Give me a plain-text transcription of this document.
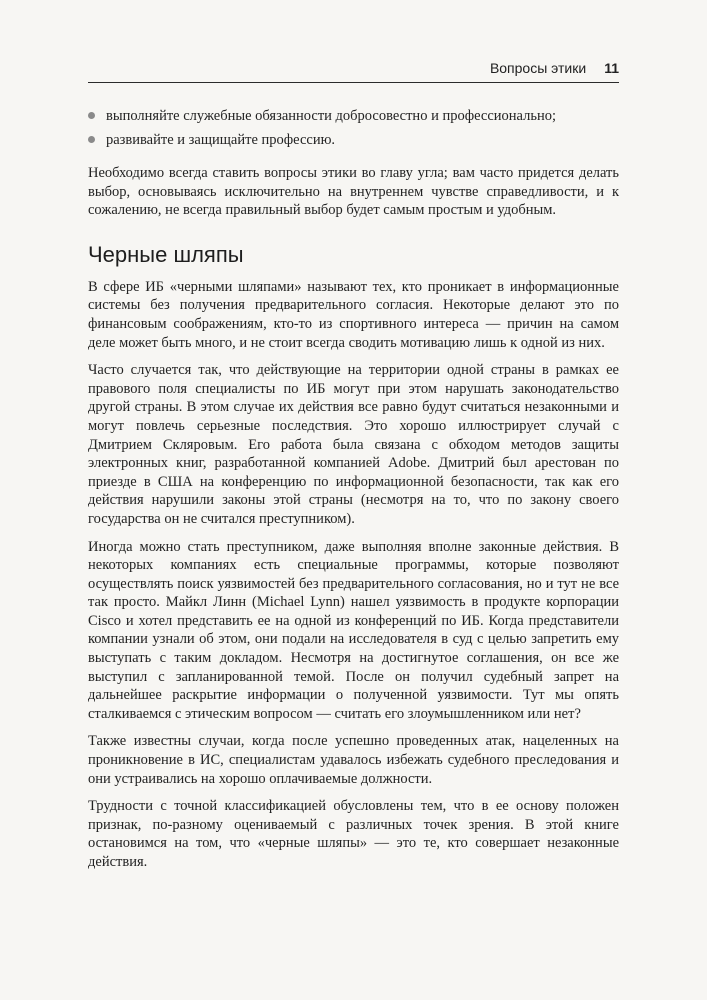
Вопросы этики 11
выполняйте служебные обязанности добросовестно и профессионально;
развивайте и защищайте профессию.

Необходимо всегда ставить вопросы этики во главу угла; вам часто придется делать выбор, основываясь исключительно на внутреннем чувстве справедливости, и к сожалению, не всегда правильный выбор будет самым простым и удобным.

Черные шляпы

В сфере ИБ «черными шляпами» называют тех, кто проникает в информационные системы без получения предварительного согласия. Некоторые делают это по финансовым соображениям, кто-то из спортивного интереса — причин на самом деле может быть много, и не стоит всегда сводить мотивацию лишь к одной из них.

Часто случается так, что действующие на территории одной страны в рамках ее правового поля специалисты по ИБ могут при этом нарушать законодательство другой страны. В этом случае их действия все равно будут считаться незаконными и могут повлечь серьезные последствия. Это хорошо иллюстрирует случай с Дмитрием Скляровым. Его работа была связана с обходом методов защиты электронных книг, разработанной компанией Adobe. Дмитрий был арестован по приезде в США на конференцию по информационной безопасности, так как его действия нарушили законы этой страны (несмотря на то, что по закону своего государства он не считался преступником).

Иногда можно стать преступником, даже выполняя вполне законные действия. В некоторых компаниях есть специальные программы, которые позволяют осуществлять поиск уязвимостей без предварительного согласования, но и тут не все так просто. Майкл Линн (Michael Lynn) нашел уязвимость в продукте корпорации Cisco и хотел представить ее на одной из конференций по ИБ. Когда представители компании узнали об этом, они подали на исследователя в суд с целью запретить ему выступать с таким докладом. Несмотря на достигнутое соглашения, он все же выступил с запланированной темой. После он получил судебный запрет на дальнейшее раскрытие информации о полученной уязвимости. Тут мы опять сталкиваемся с этическим вопросом — считать его злоумышленником или нет?

Также известны случаи, когда после успешно проведенных атак, нацеленных на проникновение в ИС, специалистам удавалось избежать судебного преследования и они устраивались на хорошо оплачиваемые должности.

Трудности с точной классификацией обусловлены тем, что в ее основу положен признак, по-разному оцениваемый с различных точек зрения. В этой книге остановимся на том, что «черные шляпы» — это те, кто совершает незаконные действия.
